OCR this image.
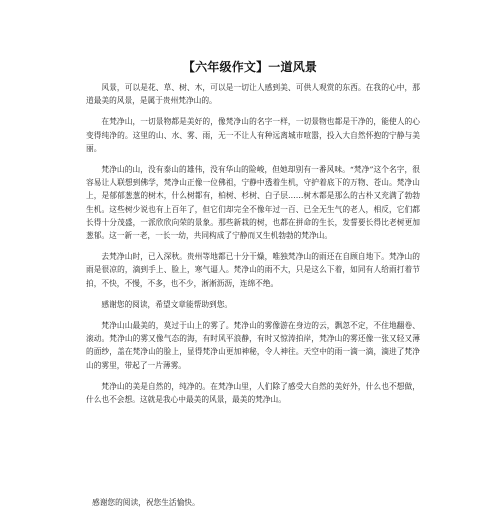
【六年级作文】一道风景

风景，可以是花、草、树、木，可以是一切让人感到美、可供人观赏的东西。在我的心中，那道最美的风景，是属于贵州梵净山的。

在梵净山，一切景物都是美好的，像梵净山的名字一样，一切景物也都是干净的，能使人的心变得纯净的。这里的山、水、雾、雨，无一不让人有种远离城市喧嚣，投入大自然怀抱的宁静与美丽。

梵净山的山，没有泰山的雄伟，没有华山的险峻，但她却别有一番风味。“梵净”这个名字，很容易让人联想到佛学，梵净山正像一位佛祖，宁静中透着生机，守护着底下的万物、苍山。梵净山上，是郁郁葱葱的树木，什么树都有，柏树、杉树、白子层……树木都是那么的古朴又充满了勃勃生机。这些树少说也有上百年了，但它们却完全不像年过一百、已全无生气的老人，相反，它们都长得十分茂盛，一派欣欣向荣的景象。那些新栽的树，也都在拼命的生长，发誓要长得比老树更加葱郁。这一新一老，一长一幼，共同构成了宁静而又生机勃勃的梵净山。

去梵净山时，已入深秋。贵州等地都已十分干燥，唯独梵净山的雨还在自顾自地下。梵净山的雨是很凉的，滴到手上、脸上，寒气逼人。梵净山的雨不大，只是这么下着，如同有人给雨打着节拍，不快，不慢，不多，也不少，淅淅沥沥，连绵不绝。

感谢您的阅读，希望文章能帮助到您。

梵净山山最美的，莫过于山上的雾了。梵净山的雾像游在身边的云，飘忽不定，不住地翻卷、滚动。梵净山的雾又像气态的海，有时风平浪静，有时又惊涛拍岸，梵净山的雾还像一张又轻又薄的面纱，盖在梵净山的脸上，显得梵净山更加神秘，令人神往。天空中的雨一滴一滴，滴进了梵净山的雾里，带起了一片薄雾。

梵净山的美是自然的，纯净的。在梵净山里，人们除了感受大自然的美好外，什么也不想做，什么也不会想。这就是我心中最美的风景，最美的梵净山。

感谢您的阅读，祝您生活愉快。
